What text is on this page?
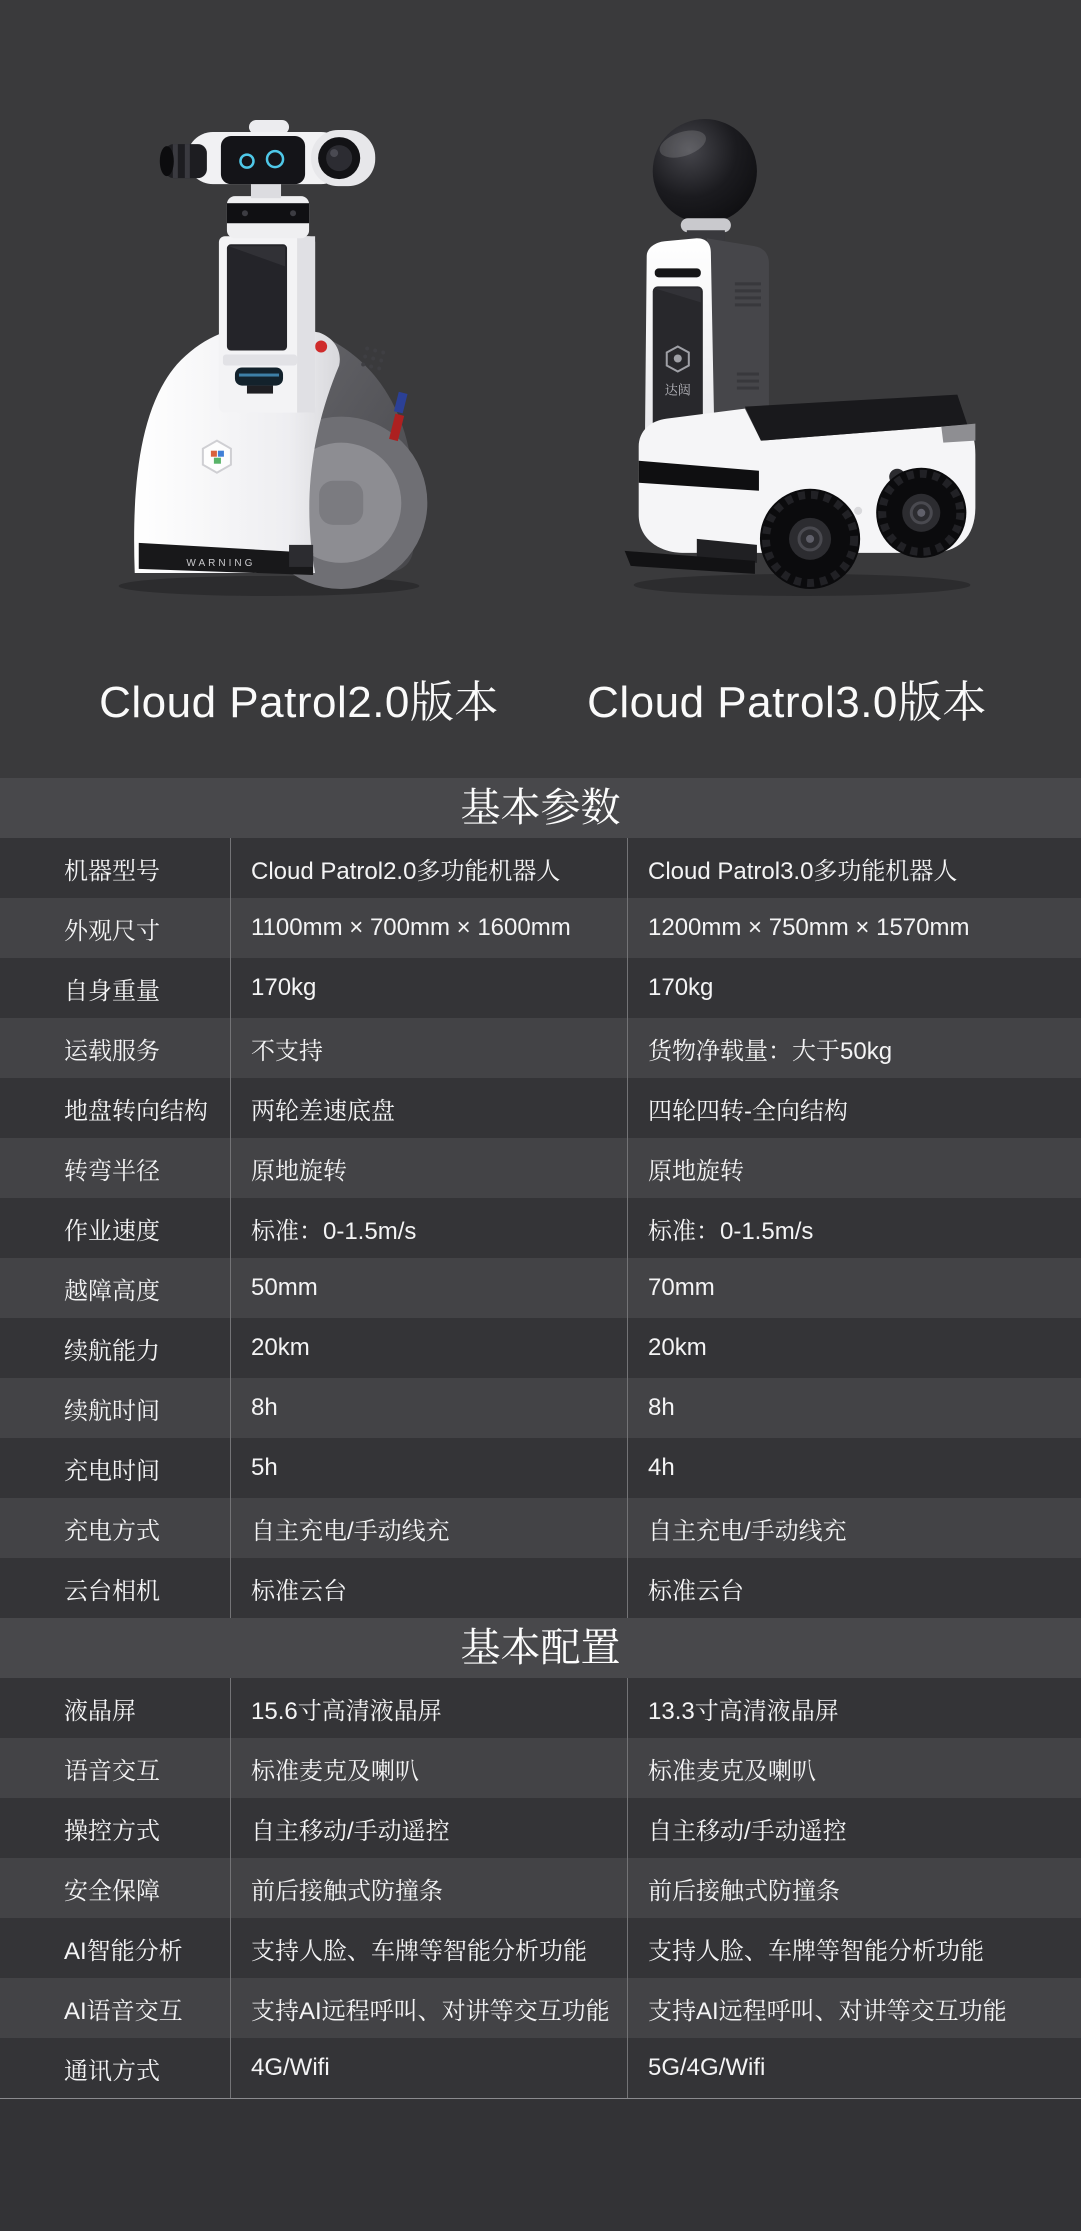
WARNING
达闼
Cloud Patrol2.0版本	Cloud Patrol3.0版本
基本参数
机器型号	Cloud Patrol2.0多功能机器人	Cloud Patrol3.0多功能机器人
外观尺寸	1100mm × 700mm × 1600mm	1200mm × 750mm × 1570mm
自身重量	170kg	170kg
运载服务	不支持	货物净载量：大于50kg
地盘转向结构	两轮差速底盘	四轮四转-全向结构
转弯半径	原地旋转	原地旋转
作业速度	标准：0-1.5m/s	标准：0-1.5m/s
越障高度	50mm	70mm
续航能力	20km	20km
续航时间	8h	8h
充电时间	5h	4h
充电方式	自主充电/手动线充	自主充电/手动线充
云台相机	标准云台	标准云台
基本配置
液晶屏	15.6寸高清液晶屏	13.3寸高清液晶屏
语音交互	标准麦克及喇叭	标准麦克及喇叭
操控方式	自主移动/手动遥控	自主移动/手动遥控
安全保障	前后接触式防撞条	前后接触式防撞条
AI智能分析	支持人脸、车牌等智能分析功能	支持人脸、车牌等智能分析功能
AI语音交互	支持AI远程呼叫、对讲等交互功能	支持AI远程呼叫、对讲等交互功能
通讯方式	4G/Wifi	5G/4G/Wifi
